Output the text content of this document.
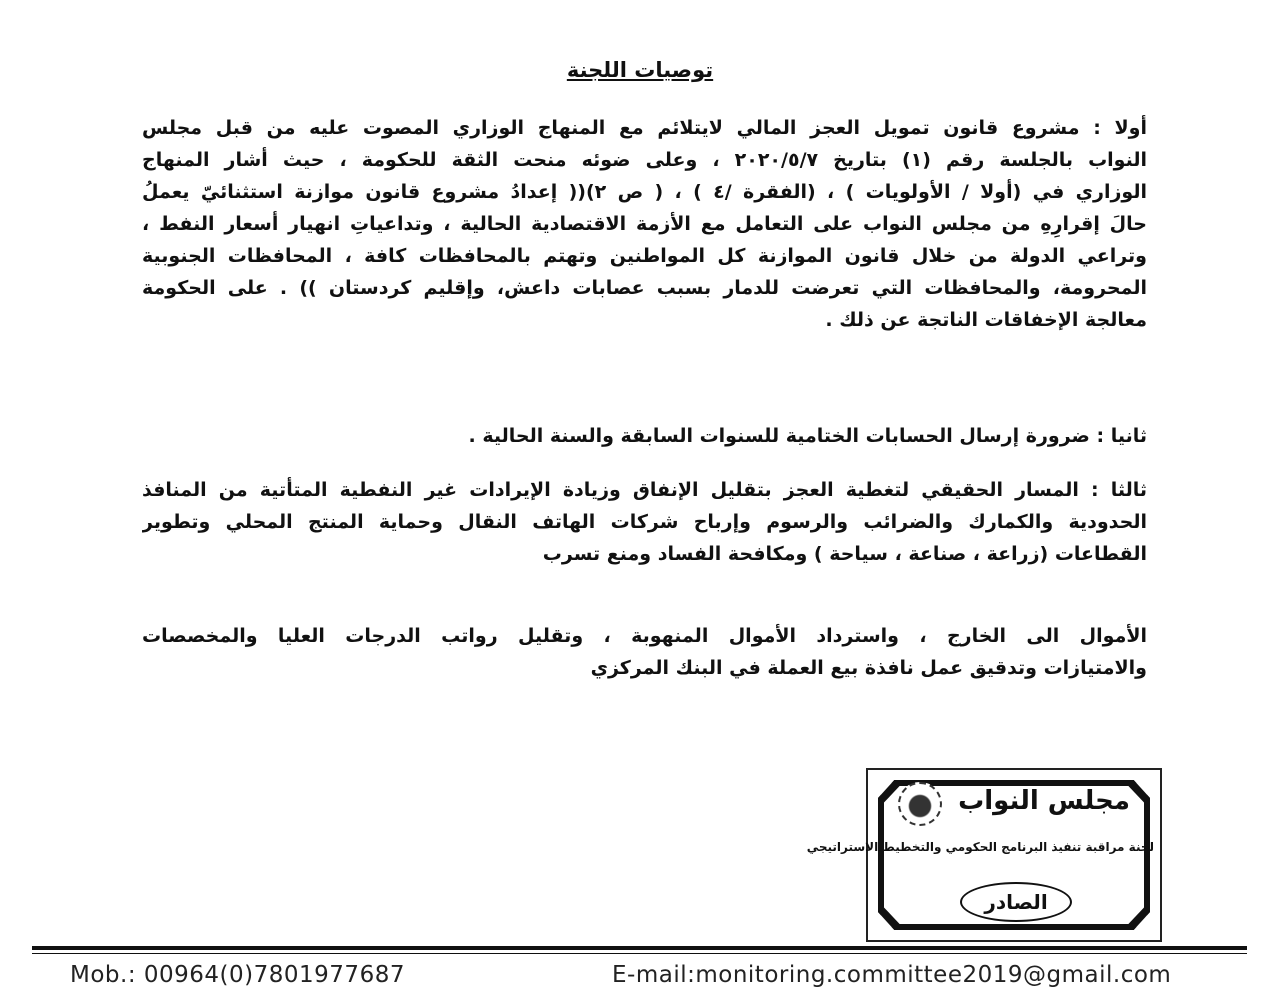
توصيات اللجنة
أولا : مشروع قانون تمويل العجز المالي لايتلائم مع المنهاج الوزاري المصوت عليه من قبل مجلس
النواب بالجلسة رقم (١) بتاريخ ٢٠٢٠/٥/٧ ، وعلى ضوئه منحت الثقة للحكومة ، حيث أشار المنهاج
الوزاري في (أولا / الأولويات ) ، (الفقرة /٤ ) ، ( ص ٢)(( إعدادُ مشروع قانون موازنة استثنائيّ يعملُ
حالَ إقرارِهِ من مجلس النواب على التعامل مع الأزمة الاقتصادية الحالية ، وتداعياتِ انهيار أسعار النفط ،
وتراعي الدولة من خلال قانون الموازنة كل المواطنين وتهتم بالمحافظات كافة ، المحافظات الجنوبية
المحرومة، والمحافظات التي تعرضت للدمار بسبب عصابات داعش، وإقليم كردستان )) . على الحكومة
معالجة الإخفاقات الناتجة عن ذلك .
ثانيا : ضرورة إرسال الحسابات الختامية للسنوات السابقة والسنة الحالية .
ثالثا : المسار الحقيقي لتغطية العجز بتقليل الإنفاق وزيادة الإيرادات غير النفطية المتأتية من المنافذ
الحدودية والكمارك والضرائب والرسوم وإرباح شركات الهاتف النقال وحماية المنتج المحلي وتطوير
القطاعات (زراعة ، صناعة ، سياحة ) ومكافحة الفساد ومنع تسرب
الأموال الى الخارج ، واسترداد الأموال المنهوبة ، وتقليل رواتب الدرجات العليا والمخصصات
والامتيازات وتدقيق عمل نافذة بيع العملة في البنك المركزي
مجلس النواب
لجنة مراقبة تنفيذ البرنامج الحكومي والتخطيط الاستراتيجي
الصادر
Mob.: 00964(0)7801977687	E-mail:monitoring.committee2019@gmail.com
